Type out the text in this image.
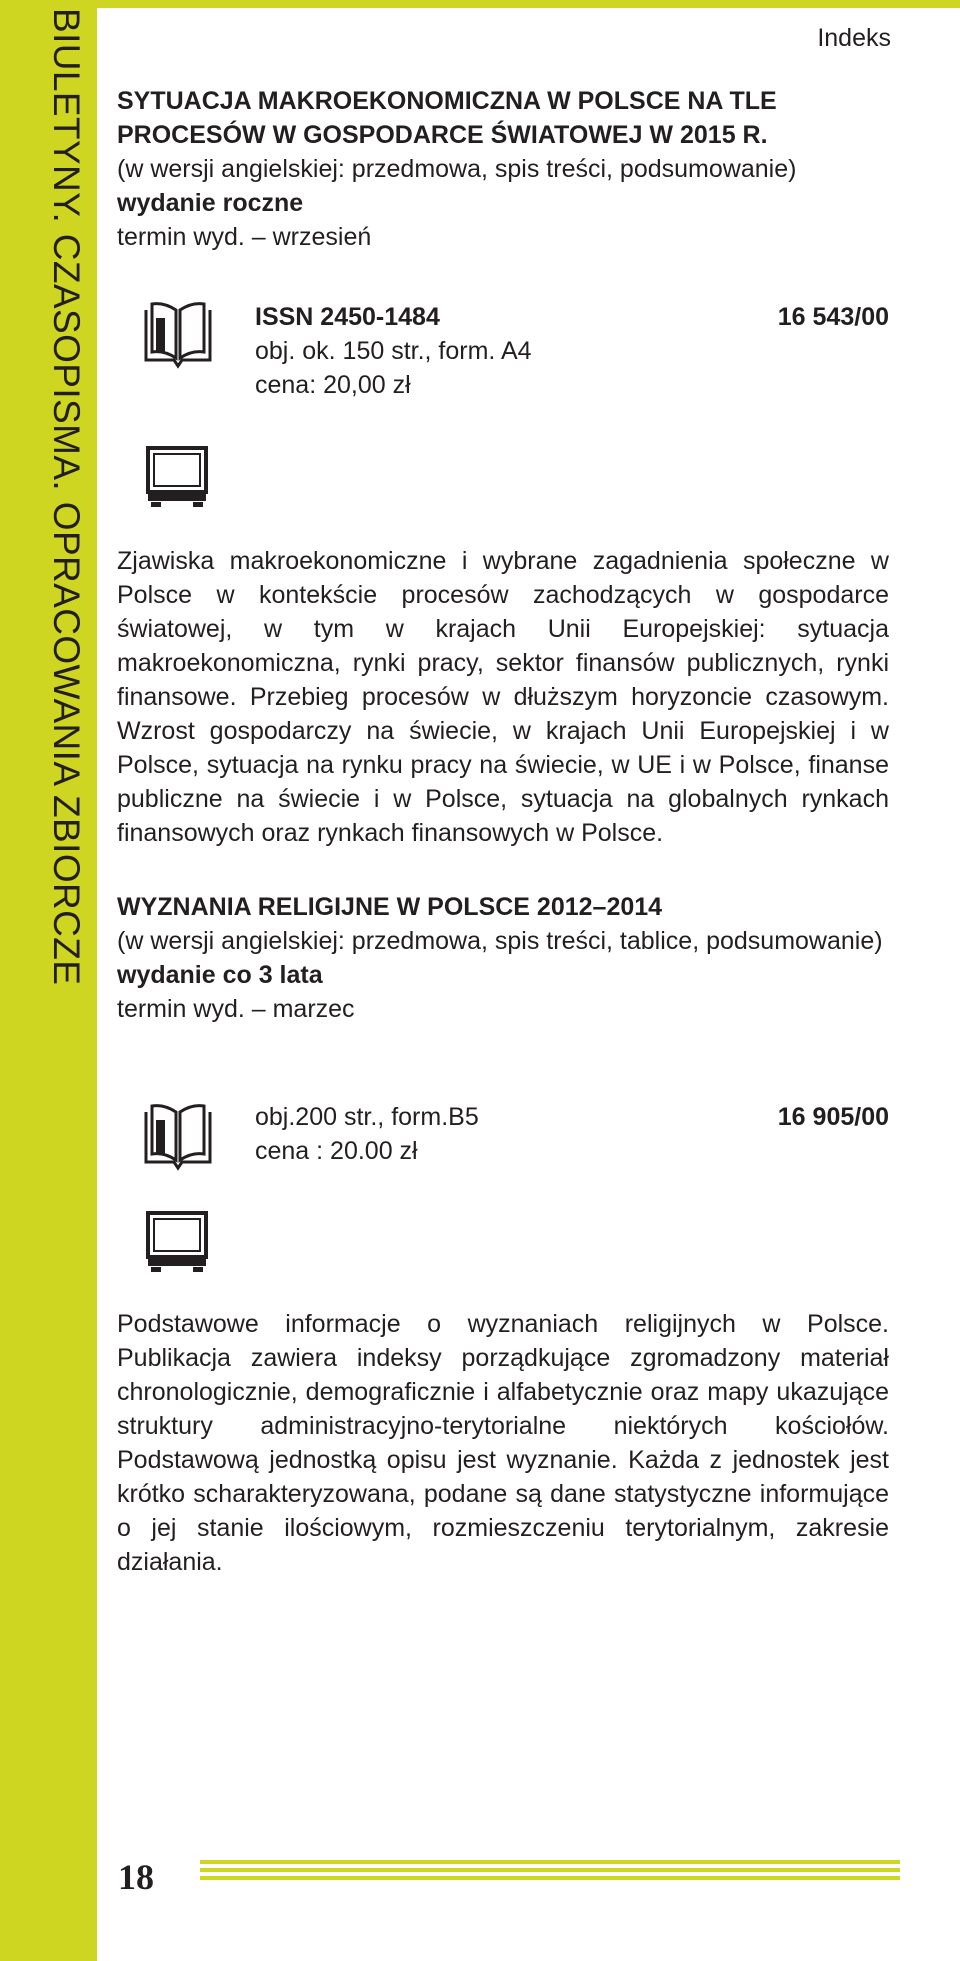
BIULETYNY. CZASOPISMA. OPRACOWANIA ZBIORCZE	Indeks
SYTUACJA MAKROEKONOMICZNA W POLSCE NA TLE
PROCESÓW W GOSPODARCE ŚWIATOWEJ W 2015 R.
(w wersji angielskiej: przedmowa, spis treści, podsumowanie)
wydanie roczne
termin wyd. – wrzesień
ISSN 2450-1484	16 543/00
obj. ok. 150 str., form. A4
cena: 20,00 zł
Zjawiska makroekonomiczne i wybrane zagadnienia społeczne w Polsce w kontekście procesów zachodzących w gospodarce światowej, w tym w krajach Unii Europejskiej: sytuacja makroekonomiczna, rynki pracy, sektor finansów publicznych, rynki finansowe. Przebieg procesów w dłuższym horyzoncie czasowym. Wzrost gospodarczy na świecie, w krajach Unii Europejskiej i w Polsce, sytuacja na rynku pracy na świecie, w UE i w Polsce, finanse publiczne na świecie i w Polsce, sytuacja na globalnych rynkach finansowych oraz rynkach finansowych w Polsce.
WYZNANIA RELIGIJNE W POLSCE 2012–2014
(w wersji angielskiej: przedmowa, spis treści, tablice, podsumowanie)
wydanie co 3 lata
termin wyd. – marzec
obj.200 str., form.B5	16 905/00
cena : 20.00 zł
Podstawowe informacje o wyznaniach religijnych w Polsce. Publikacja zawiera indeksy porządkujące zgromadzony materiał chronologicznie, demograficznie i alfabetycznie oraz mapy ukazujące struktury administracyjno-terytorialne niektórych kościołów. Podstawową jednostką opisu jest wyznanie. Każda z jednostek jest krótko scharakteryzowana, podane są dane statystyczne informujące o jej stanie ilościowym, rozmieszczeniu terytorialnym, zakresie działania.
18
